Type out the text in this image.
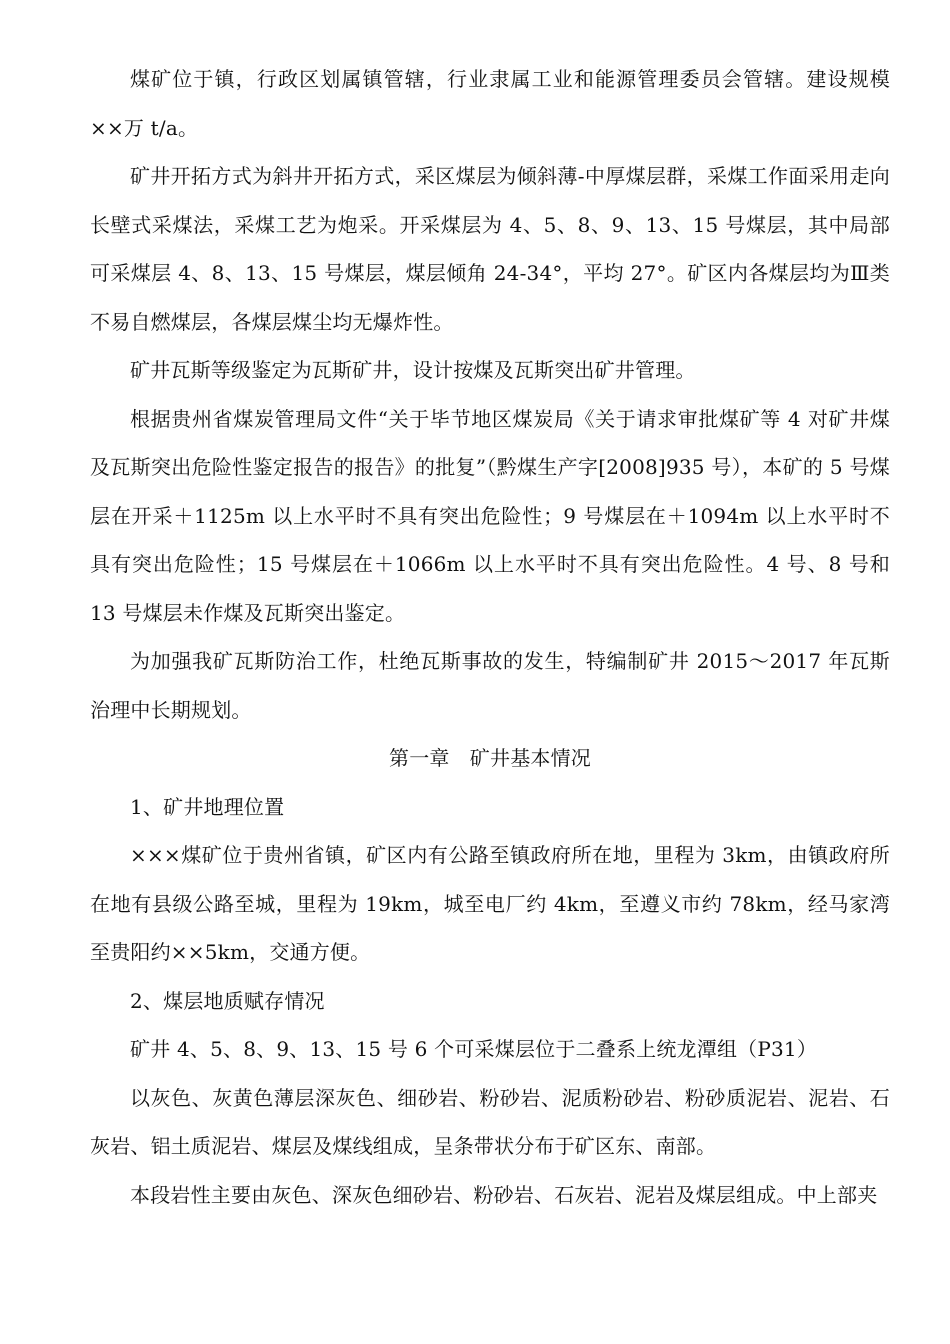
煤矿位于镇，行政区划属镇管辖，行业隶属工业和能源管理委员会管辖。建设规模××万 t/a。

矿井开拓方式为斜井开拓方式，采区煤层为倾斜薄-中厚煤层群，采煤工作面采用走向长壁式采煤法，采煤工艺为炮采。开采煤层为 4、5、8、9、13、15 号煤层，其中局部可采煤层 4、8、13、15 号煤层，煤层倾角 24-34°，平均 27°。矿区内各煤层均为Ⅲ类不易自燃煤层，各煤层煤尘均无爆炸性。

矿井瓦斯等级鉴定为瓦斯矿井，设计按煤及瓦斯突出矿井管理。

根据贵州省煤炭管理局文件“关于毕节地区煤炭局《关于请求审批煤矿等 4 对矿井煤及瓦斯突出危险性鉴定报告的报告》的批复”（黔煤生产字[2008]935 号），本矿的 5 号煤层在开采＋1125m 以上水平时不具有突出危险性；9 号煤层在＋1094m 以上水平时不具有突出危险性；15 号煤层在＋1066m 以上水平时不具有突出危险性。4 号、8 号和 13 号煤层未作煤及瓦斯突出鉴定。

为加强我矿瓦斯防治工作，杜绝瓦斯事故的发生，特编制矿井 2015～2017 年瓦斯治理中长期规划。

第一章　矿井基本情况

1、矿井地理位置

×××煤矿位于贵州省镇，矿区内有公路至镇政府所在地，里程为 3km，由镇政府所在地有县级公路至城，里程为 19km，城至电厂约 4km，至遵义市约 78km，经马家湾至贵阳约××5km，交通方便。

2、煤层地质赋存情况

矿井 4、5、8、9、13、15 号 6 个可采煤层位于二叠系上统龙潭组（P31）

以灰色、灰黄色薄层深灰色、细砂岩、粉砂岩、泥质粉砂岩、粉砂质泥岩、泥岩、石灰岩、铝土质泥岩、煤层及煤线组成，呈条带状分布于矿区东、南部。

本段岩性主要由灰色、深灰色细砂岩、粉砂岩、石灰岩、泥岩及煤层组成。中上部夹
